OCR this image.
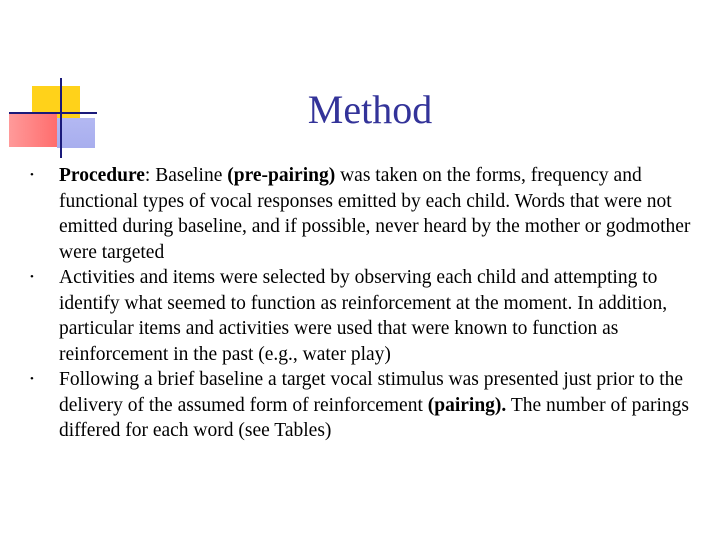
Method
•	Procedure: Baseline (pre-pairing) was taken on the forms, frequency and functional types of vocal responses emitted by each child. Words that were not emitted during baseline, and if possible, never heard by the mother or godmother were targeted
•	Activities and items were selected by observing each child and attempting to identify what seemed to function as reinforcement at the moment. In addition, particular items and activities were used that were known to function as reinforcement in the past (e.g., water play)
•	Following a brief baseline a target vocal stimulus was presented just prior to the delivery of the assumed form of reinforcement (pairing). The number of parings differed for each word (see Tables)
